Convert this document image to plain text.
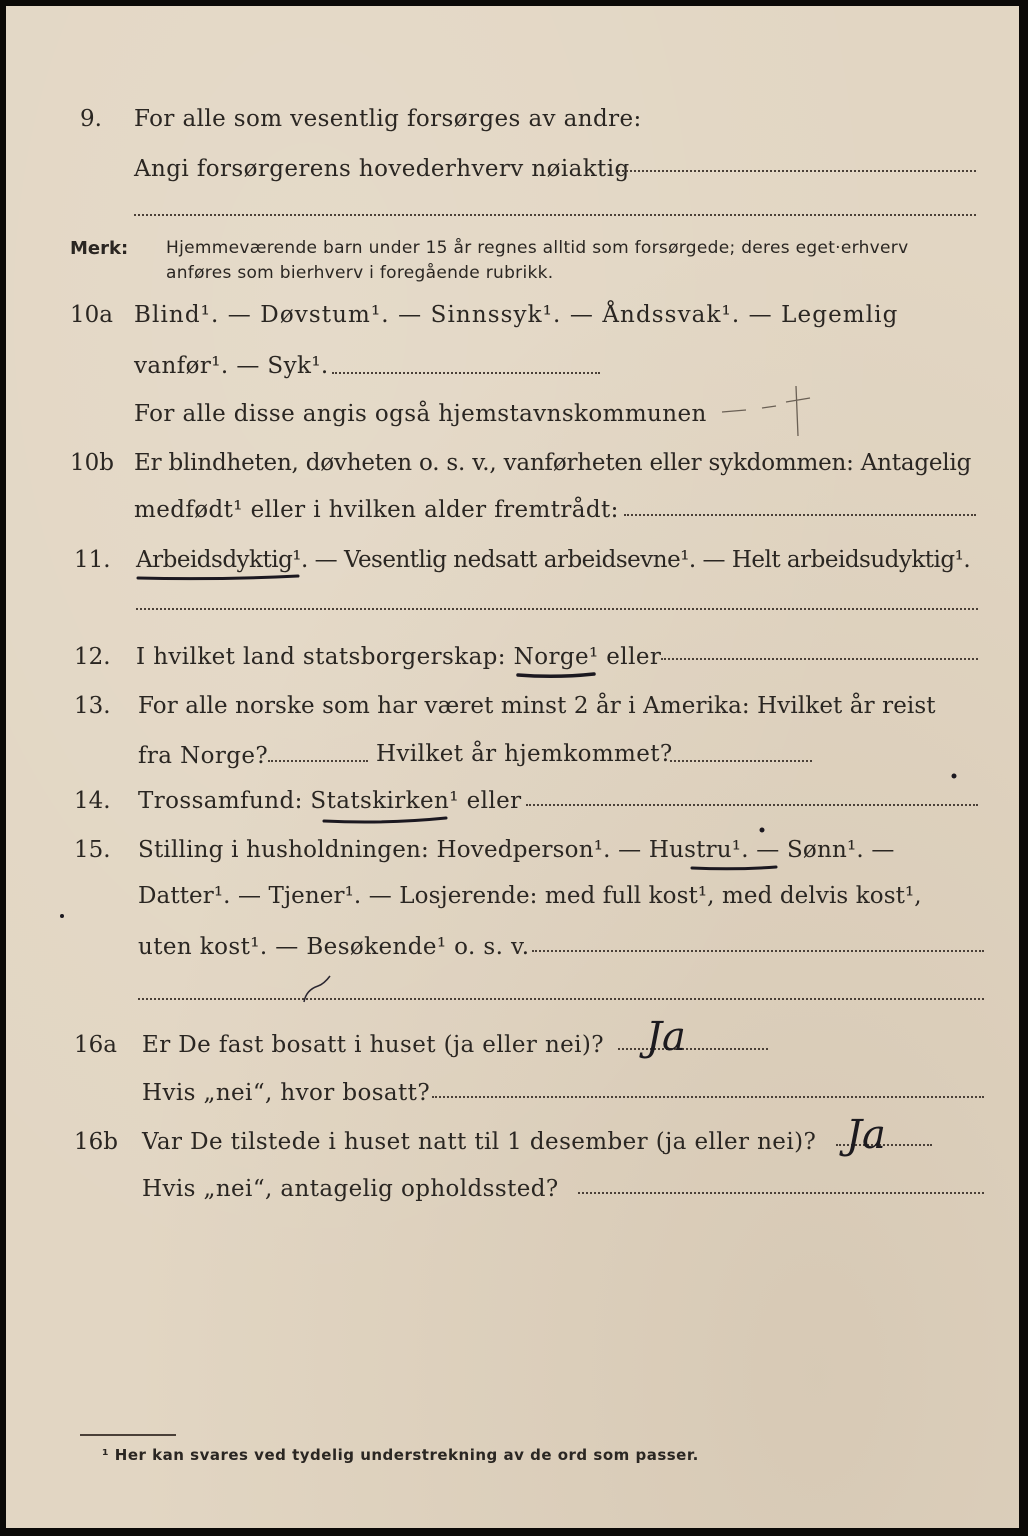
9. For alle som vesentlig forsørges av andre:
Angi forsørgerens hovederhverv nøiaktig
Merk: Hjemmeværende barn under 15 år regnes alltid som forsørgede; deres eget·erhverv
anføres som bierhverv i foregående rubrikk.
10a Blind¹. — Døvstum¹. — Sinnssyk¹. — Åndssvak¹. — Legemlig
vanfør¹. — Syk¹.
For alle disse angis også hjemstavnskommunen
10b Er blindheten, døvheten o. s. v., vanførheten eller sykdommen: Antagelig
medfødt¹ eller i hvilken alder fremtrådt:
11. Arbeidsdyktig¹. — Vesentlig nedsatt arbeidsevne¹. — Helt arbeidsudyktig¹.
12. I hvilket land statsborgerskap: Norge¹ eller
13. For alle norske som har været minst 2 år i Amerika: Hvilket år reist
fra Norge?	Hvilket år hjemkommet?
14. Trossamfund: Statskirken¹ eller
15. Stilling i husholdningen: Hovedperson¹. — Hustru¹. — Sønn¹. —
Datter¹. — Tjener¹. — Losjerende: med full kost¹, med delvis kost¹,
uten kost¹. — Besøkende¹ o. s. v.
16a Er De fast bosatt i huset (ja eller nei)? Ja
Hvis „nei“, hvor bosatt?
16b Var De tilstede i huset natt til 1 desember (ja eller nei)? Ja
Hvis „nei“, antagelig opholdssted?
¹ Her kan svares ved tydelig understrekning av de ord som passer.
